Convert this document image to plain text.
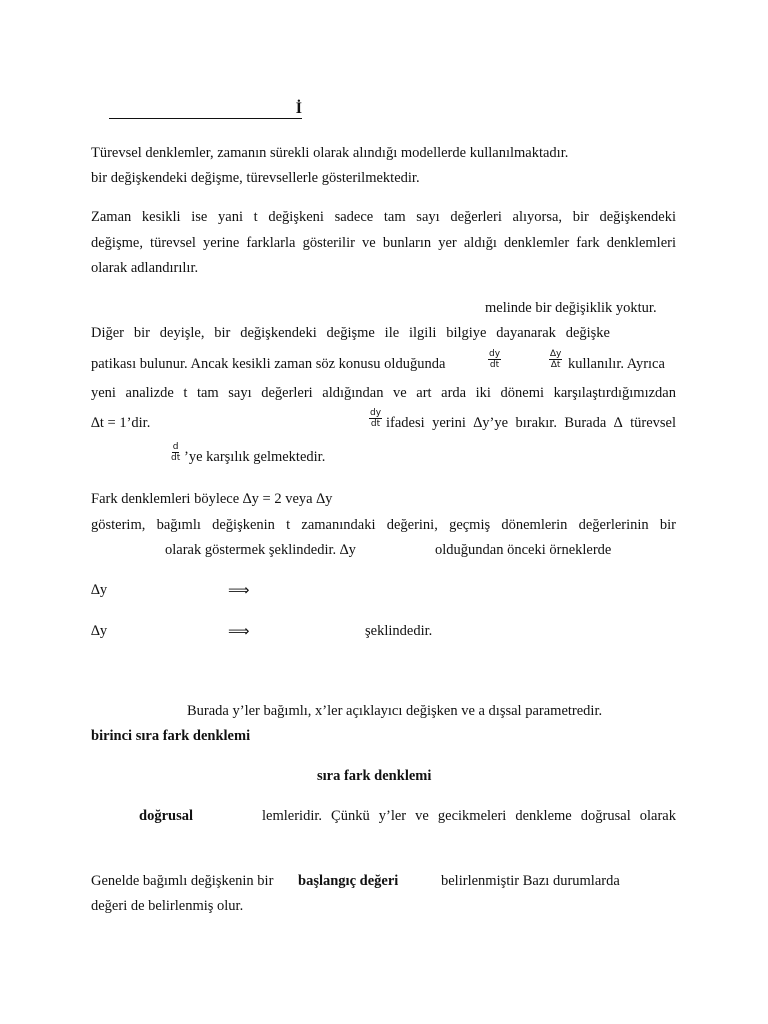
İ
Türevsel denklemler, zamanın sürekli olarak alındığı modellerde kullanılmaktadır.
bir değişkendeki değişme, türevsellerle gösterilmektedir.
Zaman kesikli ise yani t değişkeni sadece tam sayı değerleri alıyorsa, bir değişkendeki
değişme, türevsel yerine farklarla gösterilir ve bunların yer aldığı denklemler fark denklemleri
olarak adlandırılır.
melinde bir değişiklik yoktur.
Diğer bir deyişle, bir değişkendeki değişme ile ilgili bilgiye dayanarak değişke
patikası bulunur. Ancak kesikli zaman söz konusu olduğunda	$\frac{dy}{dt}$	$\frac{\Delta y}{\Delta t}$ kullanılır. Ayrıca
yeni analizde t tam sayı değerleri aldığından ve art arda iki dönemi karşılaştırdığımızdan
∆t = 1’dir.	$\frac{dy}{dt}$ ifadesi yerini ∆y’ye bırakır. Burada ∆ türevsel
$\frac{d}{dt}$ ’ye karşılık gelmektedir.
Fark denklemleri böylece ∆y = 2 veya ∆y
gösterim, bağımlı değişkenin t zamanındaki değerini, geçmiş dönemlerin değerlerinin bir
olarak göstermek şeklindedir. ∆y	olduğundan önceki örneklerde
∆y	⟹
∆y	⟹	şeklindedir.
Burada y’ler bağımlı, x’ler açıklayıcı değişken ve a dışsal parametredir.
birinci sıra fark denklemi
sıra fark denklemi
doğrusal	lemleridir. Çünkü y’ler ve gecikmeleri denkleme doğrusal olarak
Genelde bağımlı değişkenin bir başlangıç değeri	belirlenmiştir Bazı durumlarda
değeri de belirlenmiş olur.
